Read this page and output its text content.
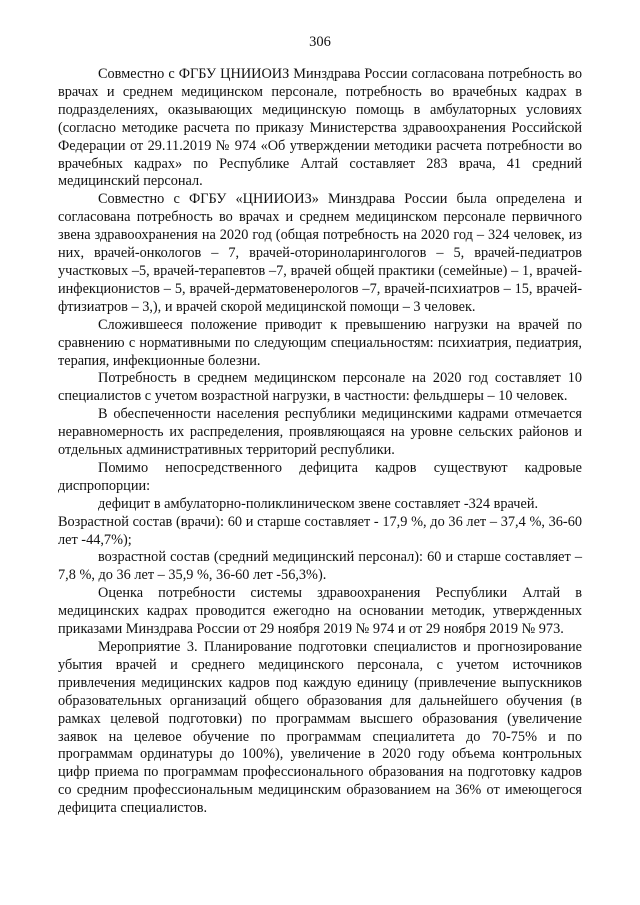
306

Совместно с ФГБУ ЦНИИОИЗ Минздрава России согласована потребность во врачах и среднем медицинском персонале, потребность во врачебных кадрах в подразделениях, оказывающих медицинскую помощь в амбулаторных условиях (согласно методике расчета по приказу Министерства здравоохранения Российской Федерации от 29.11.2019 № 974 «Об утверждении методики расчета потребности во врачебных кадрах» по Республике Алтай составляет 283 врача, 41 средний медицинский персонал.

Совместно с ФГБУ «ЦНИИОИЗ» Минздрава России была определена и согласована потребность во врачах и среднем медицинском персонале первичного звена здравоохранения на 2020 год (общая потребность на 2020 год – 324 человек, из них, врачей-онкологов – 7, врачей-оториноларингологов – 5, врачей-педиатров участковых –5, врачей-терапевтов –7, врачей общей практики (семейные) – 1, врачей-инфекционистов – 5, врачей-дерматовенерологов –7, врачей-психиатров – 15, врачей-фтизиатров – 3,), и врачей скорой медицинской помощи – 3 человек.

Сложившееся положение приводит к превышению нагрузки на врачей по сравнению с нормативными по следующим специальностям: психиатрия, педиатрия, терапия, инфекционные болезни.

Потребность в среднем медицинском персонале на 2020 год составляет 10 специалистов с учетом возрастной нагрузки, в частности: фельдшеры – 10 человек.

В обеспеченности населения республики медицинскими кадрами отмечается неравномерность их распределения, проявляющаяся на уровне сельских районов и отдельных административных территорий республики.

Помимо непосредственного дефицита кадров существуют кадровые диспропорции:

дефицит в амбулаторно-поликлиническом звене составляет -324 врачей.

Возрастной состав (врачи): 60 и старше составляет - 17,9 %, до 36 лет – 37,4 %, 36-60 лет -44,7%);

возрастной состав (средний медицинский персонал): 60 и старше составляет – 7,8 %, до 36 лет – 35,9 %, 36-60 лет -56,3%).

Оценка потребности системы здравоохранения Республики Алтай в медицинских кадрах проводится ежегодно на основании методик, утвержденных приказами Минздрава России от 29 ноября 2019 № 974 и от 29 ноября 2019 № 973.

Мероприятие 3. Планирование подготовки специалистов и прогнозирование убытия врачей и среднего медицинского персонала, с учетом источников привлечения медицинских кадров под каждую единицу (привлечение выпускников образовательных организаций общего образования для дальнейшего обучения (в рамках целевой подготовки) по программам высшего образования (увеличение заявок на целевое обучение по программам специалитета до 70-75% и по программам ординатуры до 100%), увеличение в 2020 году объема контрольных цифр приема по программам профессионального образования на подготовку кадров со средним профессиональным медицинским образованием на 36% от имеющегося дефицита специалистов.
